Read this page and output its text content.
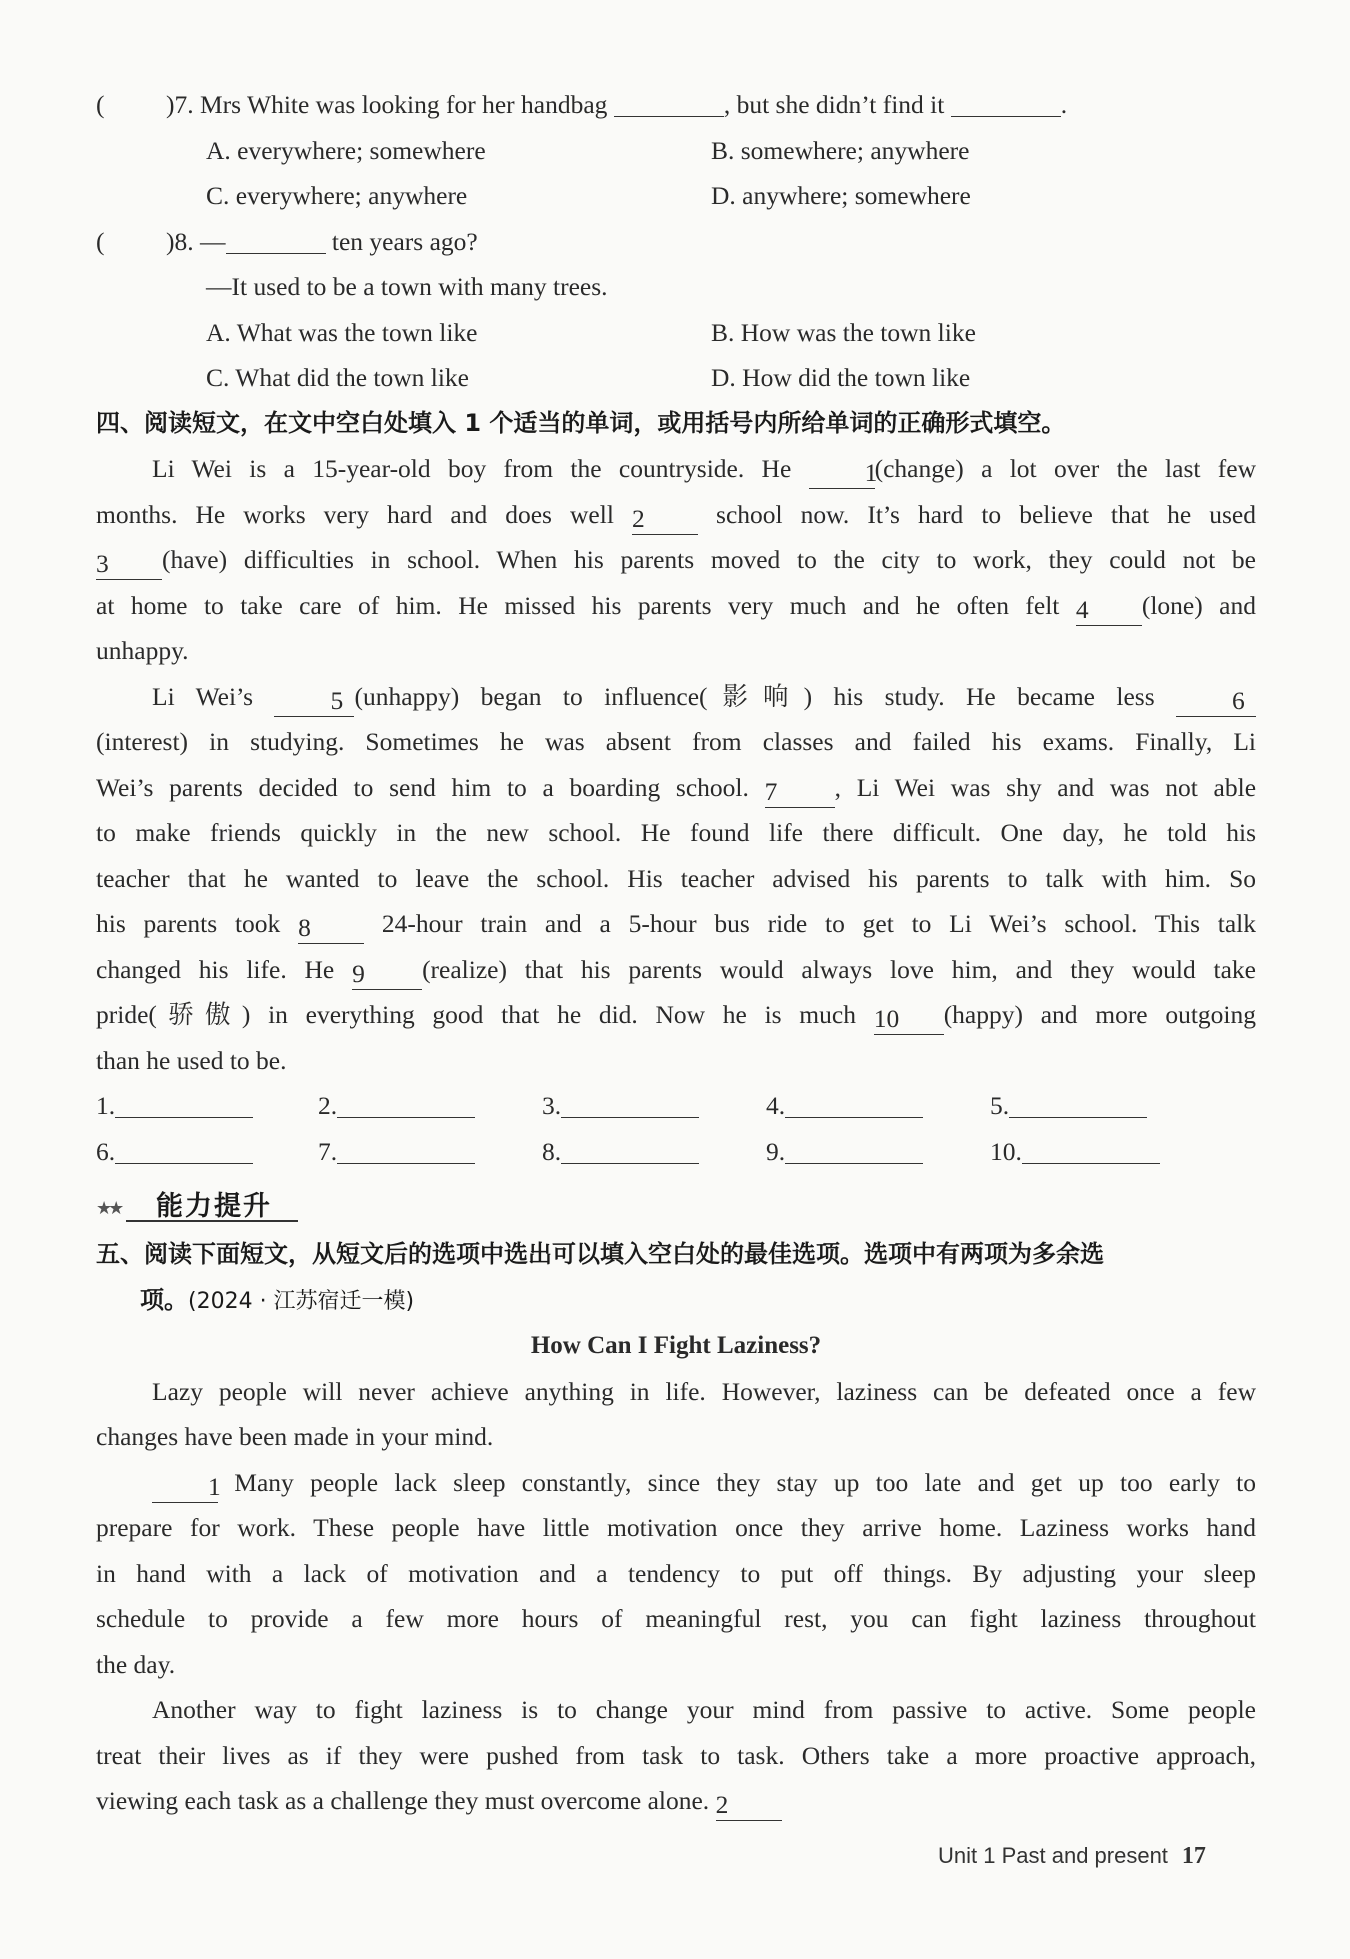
( )7. Mrs White was looking for her handbag	, but she didn’t find it	.
A. everywhere; somewhere	B. somewhere; anywhere
C. everywhere; anywhere	D. anywhere; somewhere
( )8. —	ten years ago?
—It used to be a town with many trees.
A. What was the town like	B. How was the town like
C. What did the town like	D. How did the town like
四、阅读短文，在文中空白处填入 1 个适当的单词，或用括号内所给单词的正确形式填空。
Li Wei is a 15-year-old boy from the countryside. He	1(change) a lot over the last few
months. He works very hard and does well 2	school now. It’s hard to believe that he used
3 (have) difficulties in school. When his parents moved to the city to work, they could not be
at home to take care of him. He missed his parents very much and he often felt 4 (lone) and
unhappy.
Li Wei’s	5 (unhappy) began to influence(影响) his study. He became less	6
(interest) in studying. Sometimes he was absent from classes and failed his exams. Finally, Li
Wei’s parents decided to send him to a boarding school. 7 , Li Wei was shy and was not able
to make friends quickly in the new school. He found life there difficult. One day, he told his
teacher that he wanted to leave the school. His teacher advised his parents to talk with him. So
his parents took 8	24-hour train and a 5-hour bus ride to get to Li Wei’s school. This talk
changed his life. He 9 (realize) that his parents would always love him, and they would take
pride(骄傲) in everything good that he did. Now he is much 10 (happy) and more outgoing
than he used to be.
1.	2.	3.	4.	5.
6.	7.	8.	9.	10.
★★ 能力提升
五、阅读下面短文，从短文后的选项中选出可以填入空白处的最佳选项。选项中有两项为多余选
项。(2024 · 江苏宿迁一模)
How Can I Fight Laziness?
Lazy people will never achieve anything in life. However, laziness can be defeated once a few
changes have been made in your mind.
1 Many people lack sleep constantly, since they stay up too late and get up too early to
prepare for work. These people have little motivation once they arrive home. Laziness works hand
in hand with a lack of motivation and a tendency to put off things. By adjusting your sleep
schedule to provide a few more hours of meaningful rest, you can fight laziness throughout
the day.
Another way to fight laziness is to change your mind from passive to active. Some people
treat their lives as if they were pushed from task to task. Others take a more proactive approach,
viewing each task as a challenge they must overcome alone. 2
Unit 1 Past and present 17
